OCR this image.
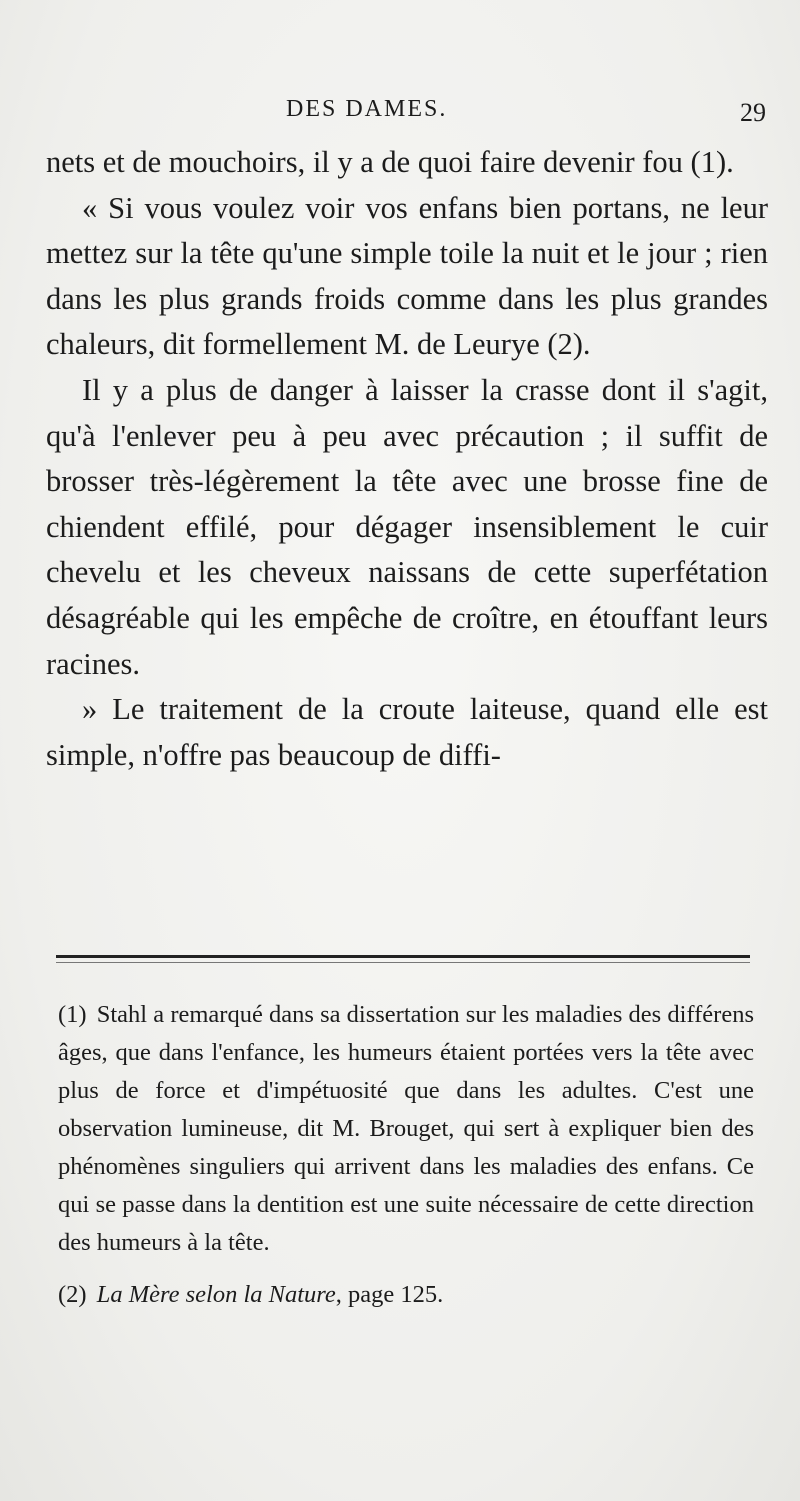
DES DAMES.	29

nets et de mouchoirs, il y a de quoi faire devenir fou (1).

« Si vous voulez voir vos enfans bien portans, ne leur mettez sur la tête qu'une simple toile la nuit et le jour ; rien dans les plus grands froids comme dans les plus grandes chaleurs, dit formellement M. de Leurye (2).

Il y a plus de danger à laisser la crasse dont il s'agit, qu'à l'enlever peu à peu avec précaution ; il suffit de brosser très-légèrement la tête avec une brosse fine de chiendent effilé, pour dégager insensiblement le cuir chevelu et les cheveux naissans de cette superfétation désagréable qui les empêche de croître, en étouffant leurs racines.

» Le traitement de la croute laiteuse, quand elle est simple, n'offre pas beaucoup de diffi-

(1) Stahl a remarqué dans sa dissertation sur les maladies des différens âges, que dans l'enfance, les humeurs étaient portées vers la tête avec plus de force et d'impétuosité que dans les adultes. C'est une observation lumineuse, dit M. Brouget, qui sert à expliquer bien des phénomènes singuliers qui arrivent dans les maladies des enfans. Ce qui se passe dans la dentition est une suite nécessaire de cette direction des humeurs à la tête.

(2) La Mère selon la Nature, page 125.
